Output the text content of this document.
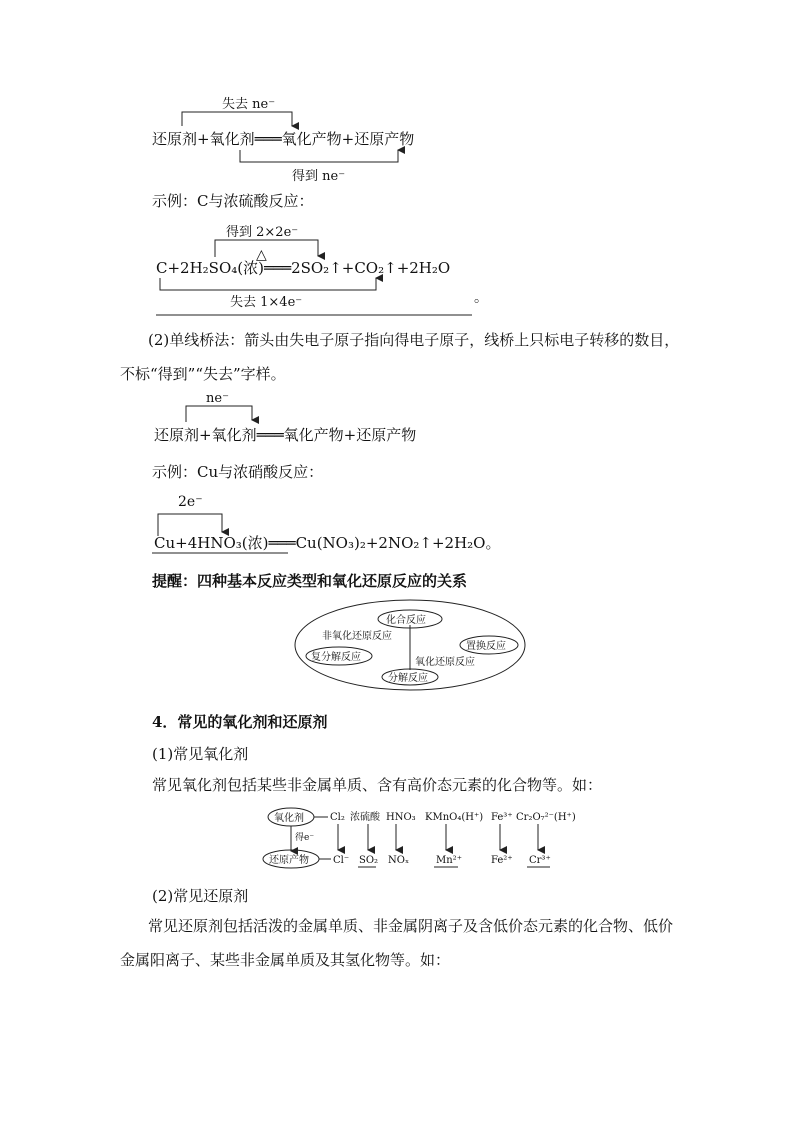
失去 ne⁻
还原剂+氧化剂═══氧化产物+还原产物
得到 ne⁻
得到 2×2e⁻
△
C+2H₂SO₄(浓)═══2SO₂↑+CO₂↑+2H₂O
失去 1×4e⁻	。
ne⁻
还原剂+氧化剂═══氧化产物+还原产物
2e⁻
Cu+4HNO₃(浓)═══Cu(NO₃)₂+2NO₂↑+2H₂O。
化合反应
非氧化还原反应
复分解反应	氧化还原反应
置换反应
分解反应
氧化剂
得e⁻
还原产物
Cl₂
Cl⁻
浓硫酸
SO₂
HNO₃
NOₓ
KMnO₄(H⁺)
Mn²⁺
Fe³⁺
Fe²⁺
Cr₂O₇²⁻(H⁺)
Cr³⁺
示例：C与浓硫酸反应：
(2)单线桥法：箭头由失电子原子指向得电子原子，线桥上只标电子转移的数目，不标“得到”“失去”字样。
示例：Cu与浓硝酸反应：
提醒：四种基本反应类型和氧化还原反应的关系
4．常见的氧化剂和还原剂
(1)常见氧化剂
常见氧化剂包括某些非金属单质、含有高价态元素的化合物等。如：
(2)常见还原剂
常见还原剂包括活泼的金属单质、非金属阴离子及含低价态元素的化合物、低价金属阳离子、某些非金属单质及其氢化物等。如：
